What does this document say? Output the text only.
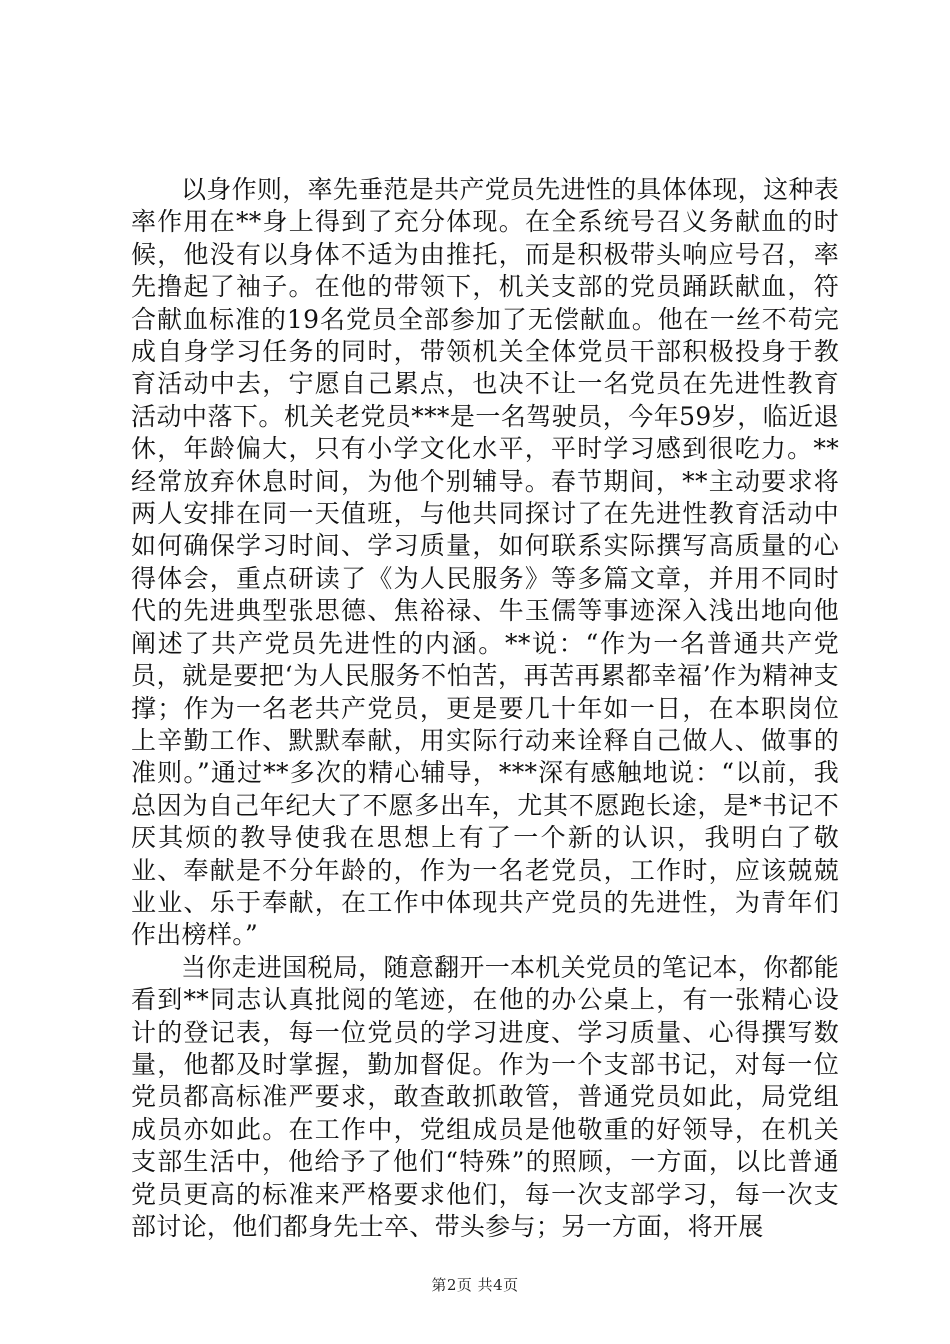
以身作则，率先垂范是共产党员先进性的具体体现，这种表率作用在**身上得到了充分体现。在全系统号召义务献血的时候，他没有以身体不适为由推托，而是积极带头响应号召，率先撸起了袖子。在他的带领下，机关支部的党员踊跃献血，符合献血标准的19名党员全部参加了无偿献血。他在一丝不苟完成自身学习任务的同时，带领机关全体党员干部积极投身于教育活动中去，宁愿自己累点，也决不让一名党员在先进性教育活动中落下。机关老党员***是一名驾驶员，今年59岁，临近退休，年龄偏大，只有小学文化水平，平时学习感到很吃力。**经常放弃休息时间，为他个别辅导。春节期间，**主动要求将两人安排在同一天值班，与他共同探讨了在先进性教育活动中如何确保学习时间、学习质量，如何联系实际撰写高质量的心得体会，重点研读了《为人民服务》等多篇文章，并用不同时代的先进典型张思德、焦裕禄、牛玉儒等事迹深入浅出地向他阐述了共产党员先进性的内涵。**说：“作为一名普通共产党员，就是要把‘为人民服务不怕苦，再苦再累都幸福’作为精神支撑；作为一名老共产党员，更是要几十年如一日，在本职岗位上辛勤工作、默默奉献，用实际行动来诠释自己做人、做事的准则。”通过**多次的精心辅导，***深有感触地说：“以前，我总因为自己年纪大了不愿多出车，尤其不愿跑长途，是*书记不厌其烦的教导使我在思想上有了一个新的认识，我明白了敬业、奉献是不分年龄的，作为一名老党员，工作时，应该兢兢业业、乐于奉献，在工作中体现共产党员的先进性，为青年们作出榜样。”

当你走进国税局，随意翻开一本机关党员的笔记本，你都能看到**同志认真批阅的笔迹，在他的办公桌上，有一张精心设计的登记表，每一位党员的学习进度、学习质量、心得撰写数量，他都及时掌握，勤加督促。作为一个支部书记，对每一位党员都高标准严要求，敢查敢抓敢管，普通党员如此，局党组成员亦如此。在工作中，党组成员是他敬重的好领导，在机关支部生活中，他给予了他们“特殊”的照顾，一方面，以比普通党员更高的标准来严格要求他们，每一次支部学习，每一次支部讨论，他们都身先士卒、带头参与；另一方面，将开展

第2页 共4页
